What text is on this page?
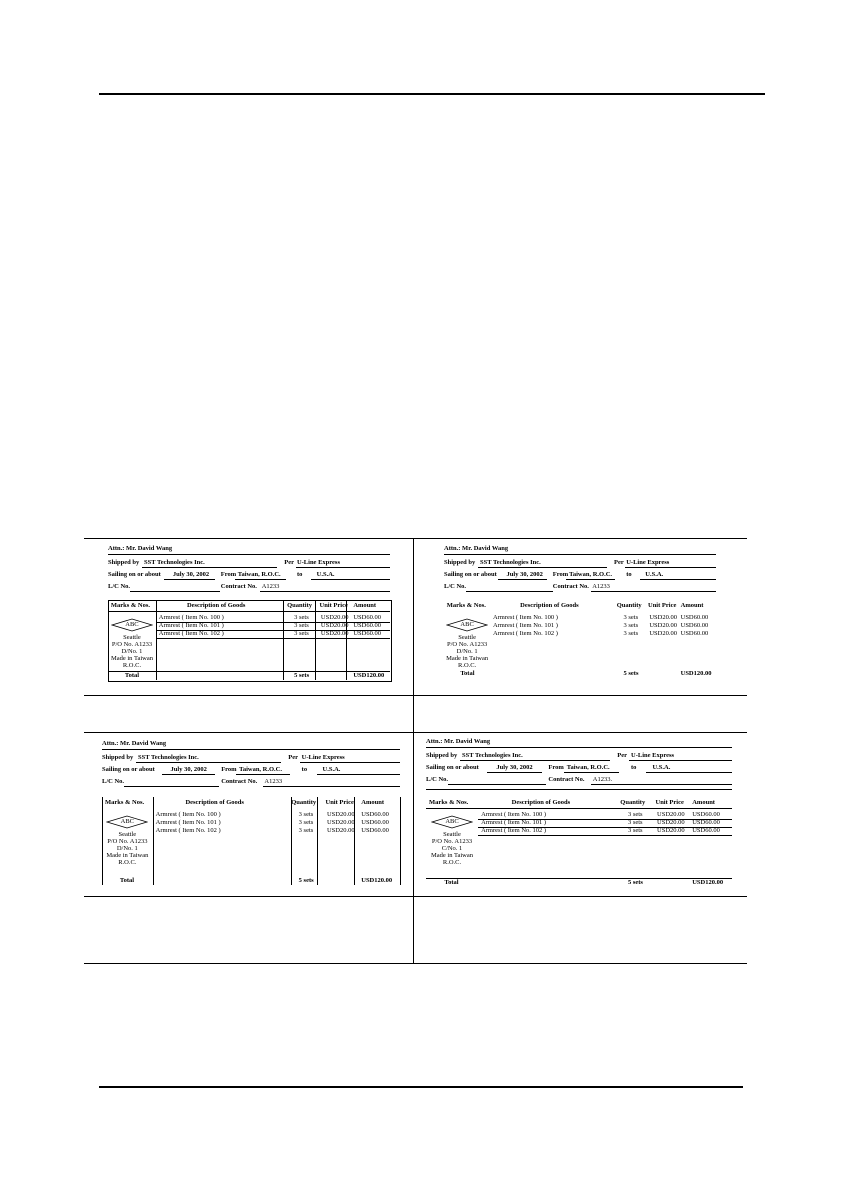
Attn.: Mr. David Wang
Shipped by SST Technologies Inc.	Per U-Line Express
Sailing on or about July 30, 2002 From Taiwan, R.O.C.	to U.S.A.
L/C No.	Contract No. A1233
Marks & Nos.	Description of Goods	Quantity Unit Price Amount
Armrest ( Item No. 100 )	3 sets USD20.00 USD60.00
Armrest ( Item No. 101 )	3 sets USD20.00 USD60.00
Armrest ( Item No. 102 )	3 sets USD20.00 USD60.00
ABC
Seattle
P/O No. A1233
D/No. 1
Made in Taiwan
R.O.C.
Total	5 sets	USD120.00
Attn.: Mr. David Wang
Shipped by SST Technologies Inc.	Per U-Line Express
Sailing on or about July 30, 2002 From Taiwan, R.O.C. to U.S.A.
L/C No.	Contract No. A1233
Marks & Nos.	Description of Goods	Quantity Unit Price Amount
Armrest ( Item No. 100 )	3 sets USD20.00 USD60.00
Armrest ( Item No. 101 )	3 sets USD20.00 USD60.00
Armrest ( Item No. 102 )	3 sets USD20.00 USD60.00
ABC
Seattle
P/O No. A1233
D/No. 1
Made in Taiwan
R.O.C.
Total	5 sets	USD120.00
Attn.: Mr. David Wang
Shipped by SST Technologies Inc.	Per U-Line Express
Sailing on or about July 30, 2002 From Taiwan, R.O.C.	to U.S.A.
L/C No.	Contract No. A1233
Marks & Nos.	Description of Goods	Quantity Unit Price Amount
Armrest ( Item No. 100 )	3 sets USD20.00 USD60.00
Armrest ( Item No. 101 )	3 sets USD20.00 USD60.00
Armrest ( Item No. 102 )	3 sets USD20.00 USD60.00
ABC
Seattle
P/O No. A1233
D/No. 1
Made in Taiwan
R.O.C.
Total	5 sets	USD120.00
Attn.: Mr. David Wang
Shipped by SST Technologies Inc.	Per U-Line Express
Sailing on or about	July 30, 2002 From Taiwan, R.O.C.	to U.S.A.
L/C No.	Contract No. A1233.
Marks & Nos.	Description of Goods	Quantity Unit Price Amount
Armrest ( Item No. 100 )	3 sets USD20.00 USD60.00
Armrest ( Item No. 101 )	3 sets USD20.00 USD60.00
Armrest ( Item No. 102 )	3 sets USD20.00 USD60.00
ABC
Seattle
P/O No. A1233
C/No. 1
Made in Taiwan
R.O.C.
Total	5 sets	USD120.00
